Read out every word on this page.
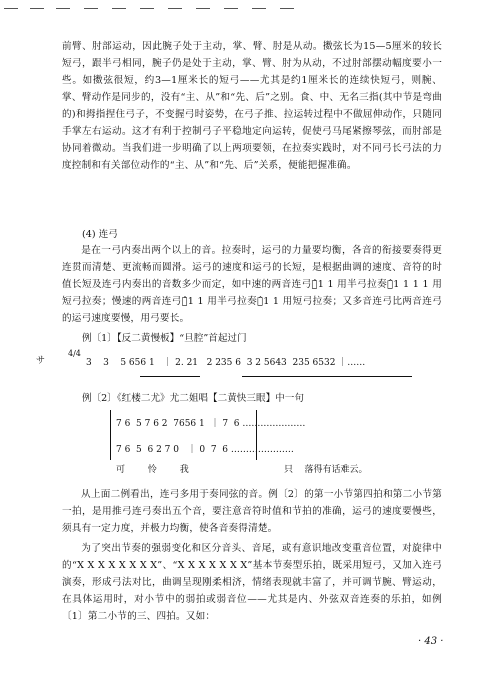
前臂、肘部运动，因此腕子处于主动，掌、臂、肘是从动。擞弦长为15—5厘米的较长短弓，跟半弓相同，腕子仍是处于主动，掌、臂、肘为从动，不过肘部摆动幅度要小一些。如擞弦很短，约3—1厘米长的短弓——尤其是约1厘米长的连续快短弓，则腕、掌、臂动作是同步的，没有“主、从”和“先、后”之别。食、中、无名三指(其中节是弯曲的)和拇指捏住弓子，不变握弓时姿势，在弓子推、拉运转过程中不做屈伸动作，只随同手掌左右运动。这才有利于控制弓子平稳地定向运转，促使弓马尾紧擦琴弦，而肘部是协同着微动。当我们进一步明确了以上两项要领，在拉奏实践时，对不同弓长弓法的力度控制和有关部位动作的“主、从”和“先、后”关系，便能把握准确。
(4) 连弓
是在一弓内奏出两个以上的音。拉奏时，运弓的力量要均衡，各音的衔接要奏得更连贯而清楚、更流畅而圆滑。运弓的速度和运弓的长短，是根据曲调的速度、音符的时值长短及连弓内奏出的音数多少而定，如中速的两音连弓：̂1 1 用半弓拉奏，̂1 1 1 1 用短弓拉奏；慢速的两音连弓：̂1 1 用半弓拉奏，̂1 1 用短弓拉奏；又多音连弓比两音连弓的运弓速度要慢，用弓要长。
例〔1〕【反二黄慢板】“旦腔”首起过门
サ
4/4
3    3    5 656 1   ｜ 2. 21   2 235 6  3 2 5643  235 6532 ｜……
例〔2〕《红楼二尤》尤二姐唱【二黄快三眼】中一句
7 6  5 7 6 2  7656 1  ｜ 7  6 …………………
7 6  5  6 2 7 0   ｜ 0  7  6 …………………
可        怜        我	只    落得有话难云。
从上面二例看出，连弓多用于奏同弦的音。例〔2〕的第一小节第四拍和第二小节第一拍，是用推弓连弓奏出五个音，要注意音符时值和节拍的准确，运弓的速度要慢些，须具有一定力度，并极力均衡，使各音奏得清楚。
为了突出节奏的强弱变化和区分音头、音尾，或有意识地改变重音位置，对旋律中的“X X X X X X X X”、“X X X X X X X”基本节奏型乐拍，既采用短弓，又加入连弓演奏，形成弓法对比，曲调呈现刚柔相济，情绪表现就丰富了，并可调节腕、臂运动，在具体运用时，对小节中的弱拍或弱音位——尤其是内、外弦双音连奏的乐拍，如例〔1〕第二小节的三、四拍。又如：
· 43 ·
